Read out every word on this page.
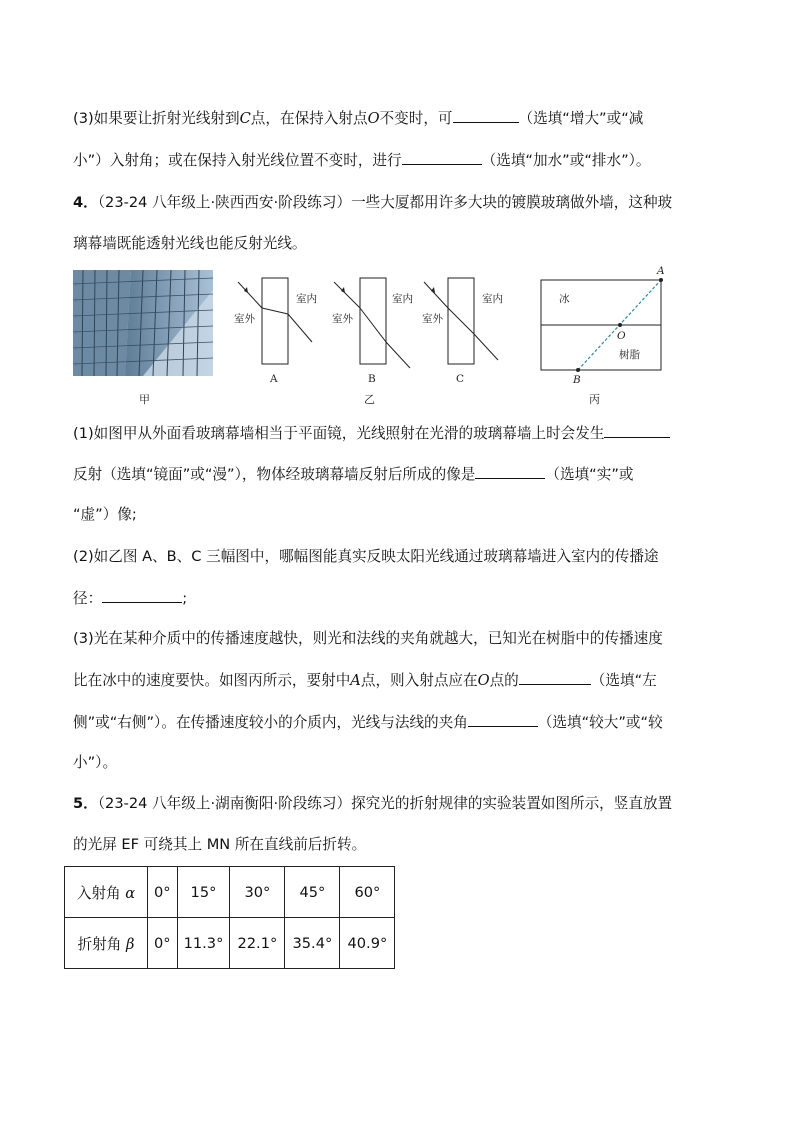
(3)如果要让折射光线射到C点，在保持入射点O不变时，可	（选填“增大”或“减
小”）入射角；或在保持入射光线位置不变时，进行	（选填“加水”或“排水”）。
4．（23-24 八年级上·陕西西安·阶段练习）一些大厦都用许多大块的镀膜玻璃做外墙，这种玻
璃幕墙既能透射光线也能反射光线。
甲
室内
室外
室内
室外
室内
室外
A	B	C
乙
冰
树脂
A
B
O
丙
(1)如图甲从外面看玻璃幕墙相当于平面镜，光线照射在光滑的玻璃幕墙上时会发生
反射（选填“镜面”或“漫”），物体经玻璃幕墙反射后所成的像是	（选填“实”或
“虚”）像;
(2)如乙图 A、B、C 三幅图中，哪幅图能真实反映太阳光线通过玻璃幕墙进入室内的传播途
径：	;
(3)光在某种介质中的传播速度越快，则光和法线的夹角就越大，已知光在树脂中的传播速度
比在冰中的速度要快。如图丙所示，要射中A点，则入射点应在O点的	（选填“左
侧”或“右侧”）。在传播速度较小的介质内，光线与法线的夹角	（选填“较大”或“较
小”）。
5．（23-24 八年级上·湖南衡阳·阶段练习）探究光的折射规律的实验装置如图所示，竖直放置
的光屏 EF 可绕其上 MN 所在直线前后折转。
入射角 α	0°	15°	30°	45°	60°
折射角 β	0°	11.3°	22.1°	35.4°	40.9°
